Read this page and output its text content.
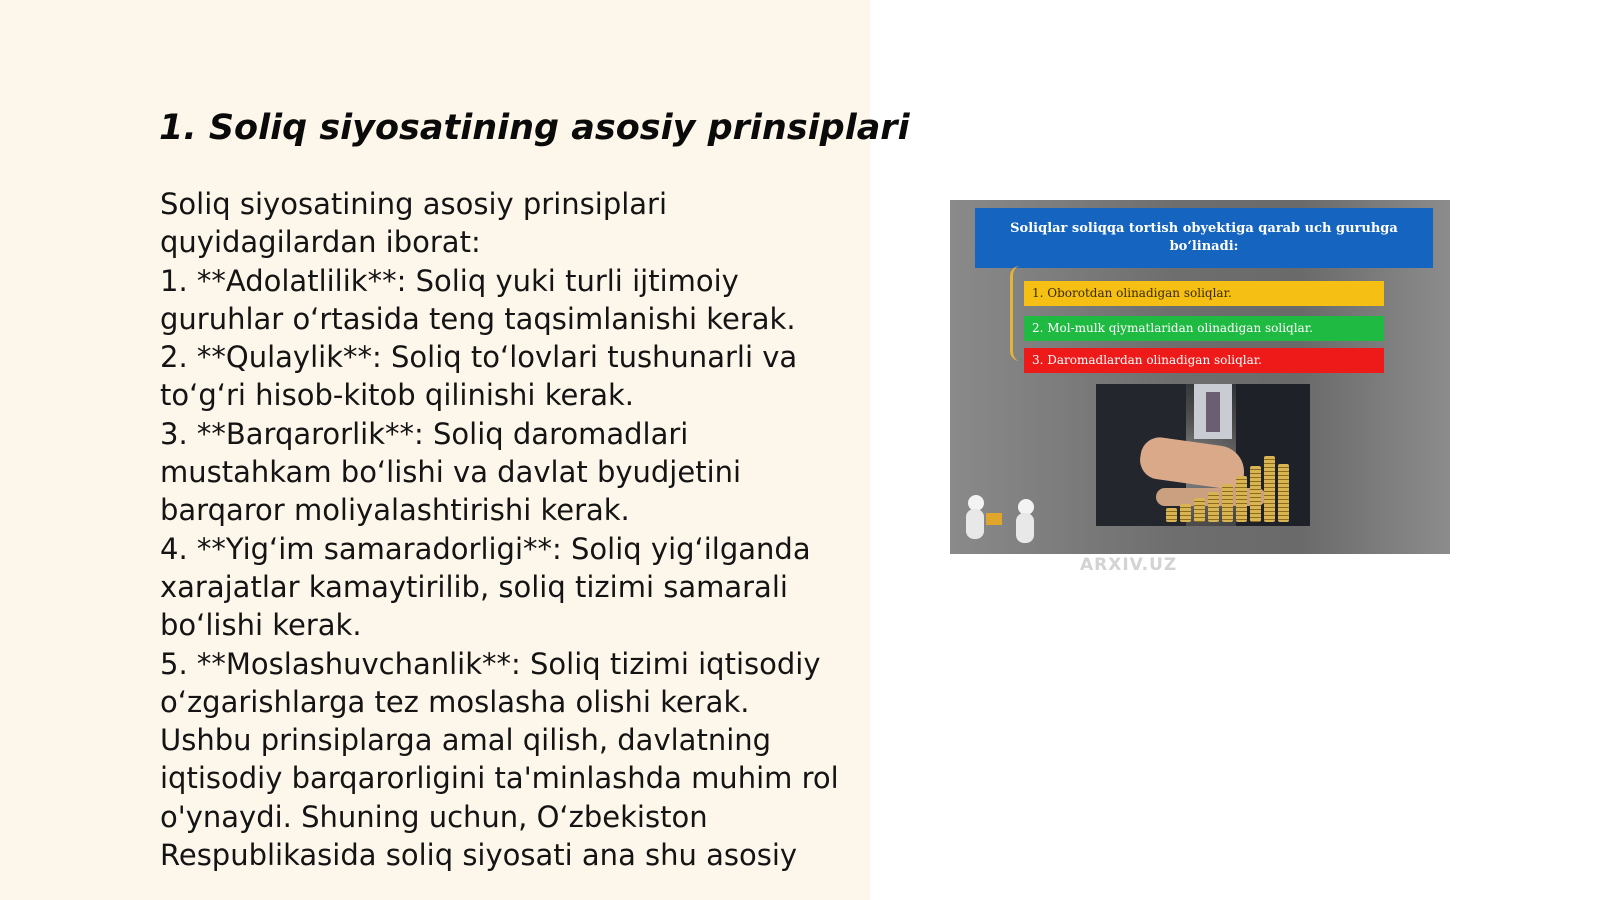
1. Soliq siyosatining asosiy prinsiplari

Soliq siyosatining asosiy prinsiplari quyidagilardan iborat:

1. **Adolatlilik**: Soliq yuki turli ijtimoiy guruhlar o‘rtasida teng taqsimlanishi kerak.

2. **Qulaylik**: Soliq to‘lovlari tushunarli va to‘g‘ri hisob-kitob qilinishi kerak.

3. **Barqarorlik**: Soliq daromadlari mustahkam bo‘lishi va davlat byudjetini barqaror moliyalashtirishi kerak.

4. **Yig‘im samaradorligi**: Soliq yig‘ilganda xarajatlar kamaytirilib, soliq tizimi samarali bo‘lishi kerak.

5. **Moslashuvchanlik**: Soliq tizimi iqtisodiy o‘zgarishlarga tez moslasha olishi kerak.

Ushbu prinsiplarga amal qilish, davlatning iqtisodiy barqarorligini ta'minlashda muhim rol o'ynaydi. Shuning uchun, O‘zbekiston Respublikasida soliq siyosati ana shu asosiy

Soliqlar soliqqa tortish obyektiga qarab uch guruhga bo‘linadi:
1. Oborotdan olinadigan soliqlar.
2. Mol-mulk qiymatlaridan olinadigan soliqlar.
3. Daromadlardan olinadigan soliqlar.
ARXIV.UZ
